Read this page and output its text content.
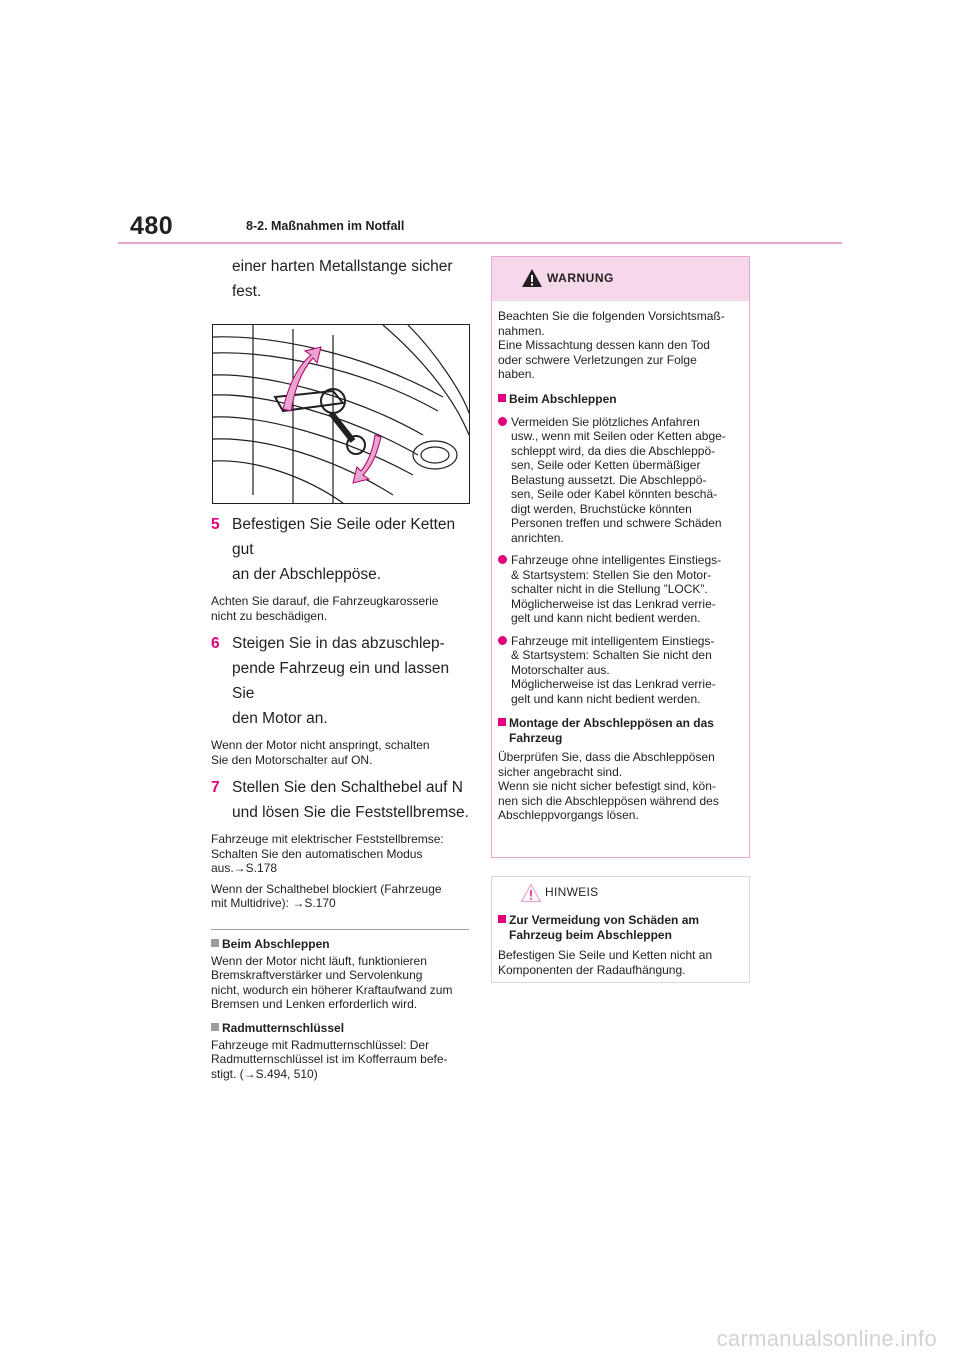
480	8-2. Maßnahmen im Notfall
einer harten Metallstange sicher
fest.
5 Befestigen Sie Seile oder Ketten gut
an der Abschleppöse.
Achten Sie darauf, die Fahrzeugkarosserie
nicht zu beschädigen.
6 Steigen Sie in das abzuschlep-
pende Fahrzeug ein und lassen Sie
den Motor an.
Wenn der Motor nicht anspringt, schalten
Sie den Motorschalter auf ON.
7 Stellen Sie den Schalthebel auf N
und lösen Sie die Feststellbremse.
Fahrzeuge mit elektrischer Feststellbremse:
Schalten Sie den automatischen Modus
aus.→S.178
Wenn der Schalthebel blockiert (Fahrzeuge
mit Multidrive): →S.170
Beim Abschleppen
Wenn der Motor nicht läuft, funktionieren
Bremskraftverstärker und Servolenkung
nicht, wodurch ein höherer Kraftaufwand zum
Bremsen und Lenken erforderlich wird.
Radmutternschlüssel
Fahrzeuge mit Radmutternschlüssel: Der
Radmutternschlüssel ist im Kofferraum befe-
stigt. (→S.494, 510)
WARNUNG

Beachten Sie die folgenden Vorsichtsmaß-

nahmen.

Eine Missachtung dessen kann den Tod

oder schwere Verletzungen zur Folge

haben.

Beim Abschleppen

Vermeiden Sie plötzliches Anfahren

usw., wenn mit Seilen oder Ketten abge-

schleppt wird, da dies die Abschleppö-

sen, Seile oder Ketten übermäßiger

Belastung aussetzt. Die Abschleppö-

sen, Seile oder Kabel könnten beschä-

digt werden, Bruchstücke könnten

Personen treffen und schwere Schäden

anrichten.

Fahrzeuge ohne intelligentes Einstiegs-

& Startsystem: Stellen Sie den Motor-

schalter nicht in die Stellung ”LOCK”.

Möglicherweise ist das Lenkrad verrie-

gelt und kann nicht bedient werden.

Fahrzeuge mit intelligentem Einstiegs-

& Startsystem: Schalten Sie nicht den

Motorschalter aus.

Möglicherweise ist das Lenkrad verrie-

gelt und kann nicht bedient werden.

Montage der Abschleppösen an das
Fahrzeug

Überprüfen Sie, dass die Abschleppösen

sicher angebracht sind.

Wenn sie nicht sicher befestigt sind, kön-

nen sich die Abschleppösen während des

Abschleppvorgangs lösen.

HINWEIS
Zur Vermeidung von Schäden am
Fahrzeug beim Abschleppen
Befestigen Sie Seile und Ketten nicht an
Komponenten der Radaufhängung.
carmanualsonline.info
